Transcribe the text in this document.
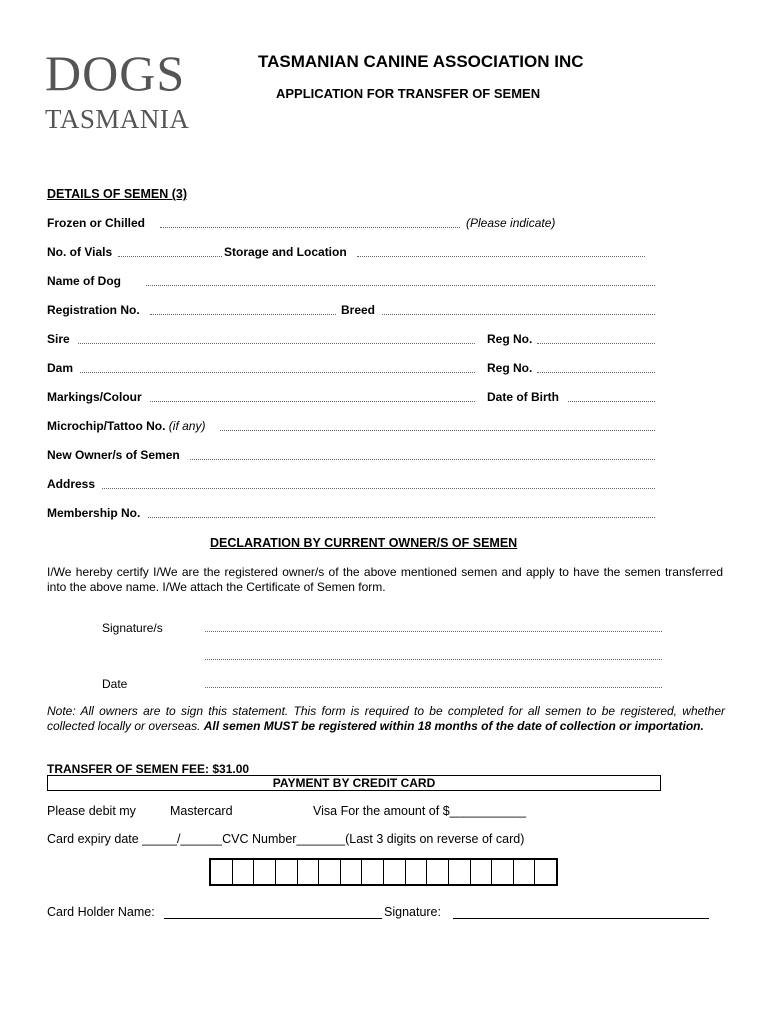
DOGS
TASMANIA
TASMANIAN CANINE ASSOCIATION INC
APPLICATION FOR TRANSFER OF SEMEN
DETAILS OF SEMEN (3)
Frozen or Chilled	(Please indicate)
No. of Vials	Storage and Location
Name of Dog
Registration No.	Breed
Sire	Reg No.
Dam	Reg No.
Markings/Colour	Date of Birth
Microchip/Tattoo No. (if any)
New Owner/s of Semen
Address
Membership No.
DECLARATION BY CURRENT OWNER/S OF SEMEN
I/We hereby certify I/We are the registered owner/s of the above mentioned semen and apply to have the semen transferred into the above name. I/We attach the Certificate of Semen form.
Signature/s
Date
Note: All owners are to sign this statement. This form is required to be completed for all semen to be registered, whether collected locally or overseas. All semen MUST be registered within 18 months of the date of collection or importation.
TRANSFER OF SEMEN FEE: $31.00
PAYMENT BY CREDIT CARD
Please debit my	Mastercard	Visa For the amount of $___________
Card expiry date _____/______CVC Number_______(Last 3 digits on reverse of card)
Card Holder Name:	Signature:
